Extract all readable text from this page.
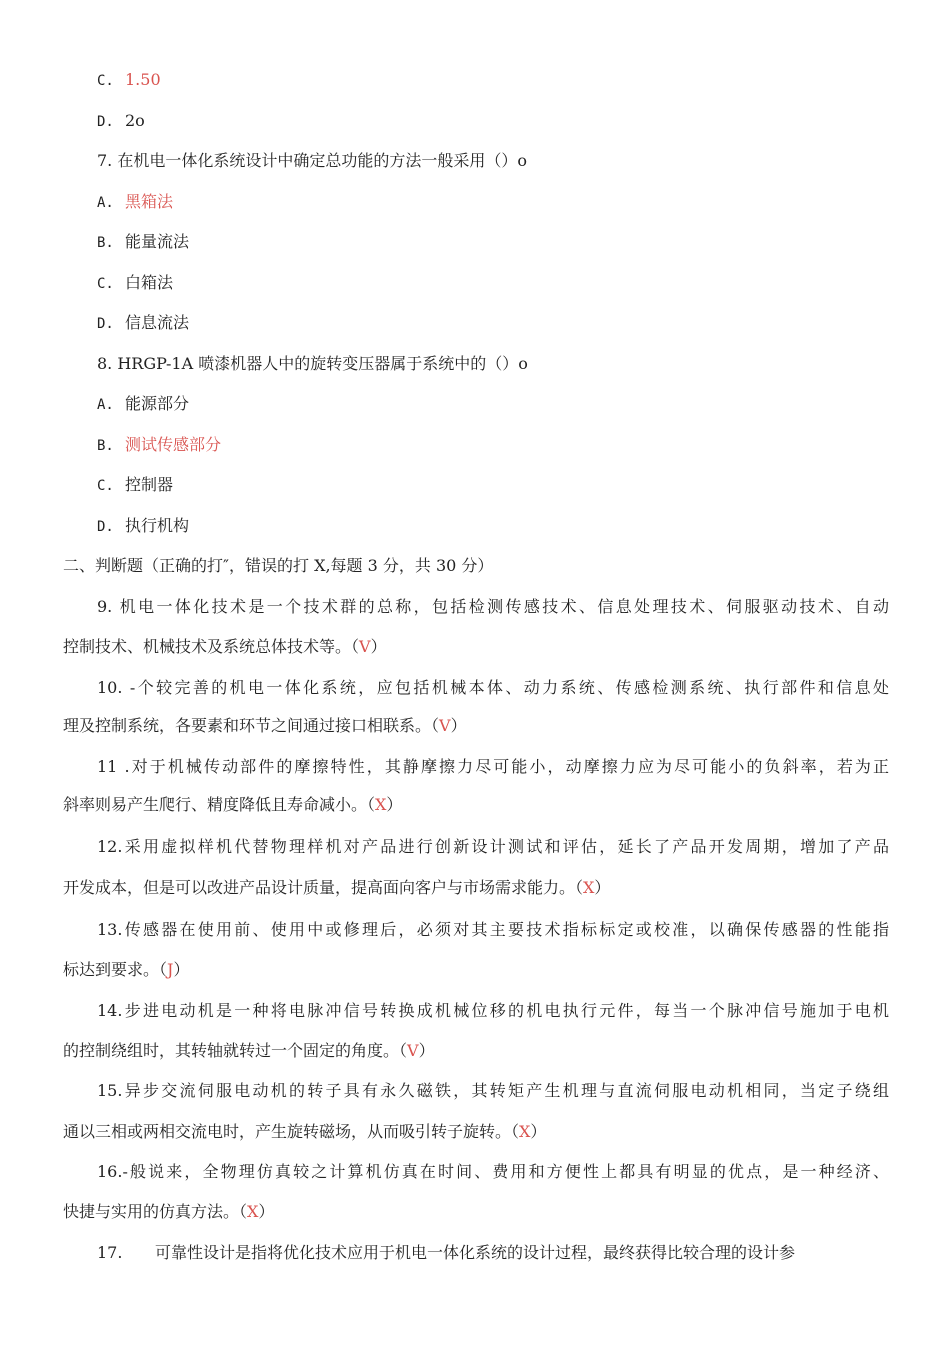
C. 1.50
D. 2o
7. 在机电一体化系统设计中确定总功能的方法一般采用（）o
A. 黑箱法
B. 能量流法
C. 白箱法
D. 信息流法
8. HRGP-1A 喷漆机器人中的旋转变压器属于系统中的（）o
A. 能源部分
B. 测试传感部分
C. 控制器
D. 执行机构
二、判断题（正确的打″，错误的打 X,每题 3 分，共 30 分）
9. 机电一体化技术是一个技术群的总称，包括检测传感技术、信息处理技术、伺服驱动技术、自动
控制技术、机械技术及系统总体技术等。（V）
10. -个较完善的机电一体化系统，应包括机械本体、动力系统、传感检测系统、执行部件和信息处
理及控制系统，各要素和环节之间通过接口相联系。（V）
11 .对于机械传动部件的摩擦特性，其静摩擦力尽可能小，动摩擦力应为尽可能小的负斜率，若为正
斜率则易产生爬行、精度降低且寿命减小。（X）
12.采用虚拟样机代替物理样机对产品进行创新设计测试和评估，延长了产品开发周期，增加了产品
开发成本，但是可以改进产品设计质量，提高面向客户与市场需求能力。（X）
13.传感器在使用前、使用中或修理后，必须对其主要技术指标标定或校准，以确保传感器的性能指
标达到要求。（J）
14.步进电动机是一种将电脉冲信号转换成机械位移的机电执行元件，每当一个脉冲信号施加于电机
的控制绕组时，其转轴就转过一个固定的角度。（V）
15.异步交流伺服电动机的转子具有永久磁铁，其转矩产生机理与直流伺服电动机相同，当定子绕组
通以三相或两相交流电时，产生旋转磁场，从而吸引转子旋转。（X）
16.-般说来，全物理仿真较之计算机仿真在时间、费用和方便性上都具有明显的优点，是一种经济、
快捷与实用的仿真方法。（X）
17. 可靠性设计是指将优化技术应用于机电一体化系统的设计过程，最终获得比较合理的设计参
